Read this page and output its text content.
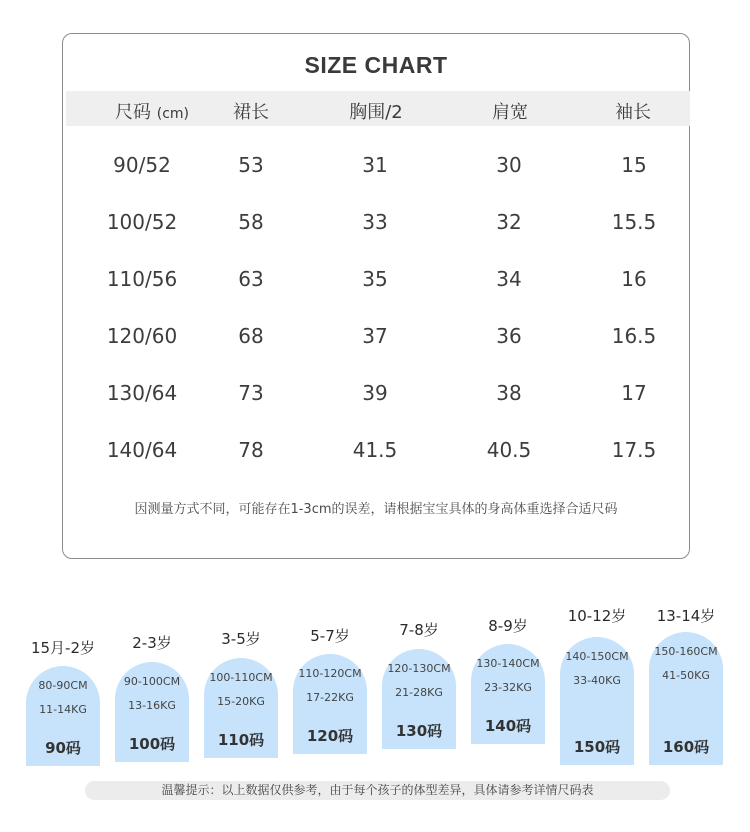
SIZE CHART
尺码 (cm)	裙长	胸围/2	肩宽	袖长
90/52	53	31	30	15
100/52	58	33	32	15.5
110/56	63	35	34	16
120/60	68	37	36	16.5
130/64	73	39	38	17
140/64	78	41.5	40.5	17.5
因测量方式不同，可能存在1-3cm的误差，请根据宝宝具体的身高体重选择合适尺码
15月-2岁
80-90CM
11-14KG
90码
2-3岁
90-100CM
13-16KG
100码
3-5岁
100-110CM
15-20KG
110码
5-7岁
110-120CM
17-22KG
120码
7-8岁
120-130CM
21-28KG
130码
8-9岁
130-140CM
23-32KG
140码
10-12岁
140-150CM
33-40KG
150码
13-14岁
150-160CM
41-50KG
160码
温馨提示：以上数据仅供参考，由于每个孩子的体型差异，具体请参考详情尺码表
